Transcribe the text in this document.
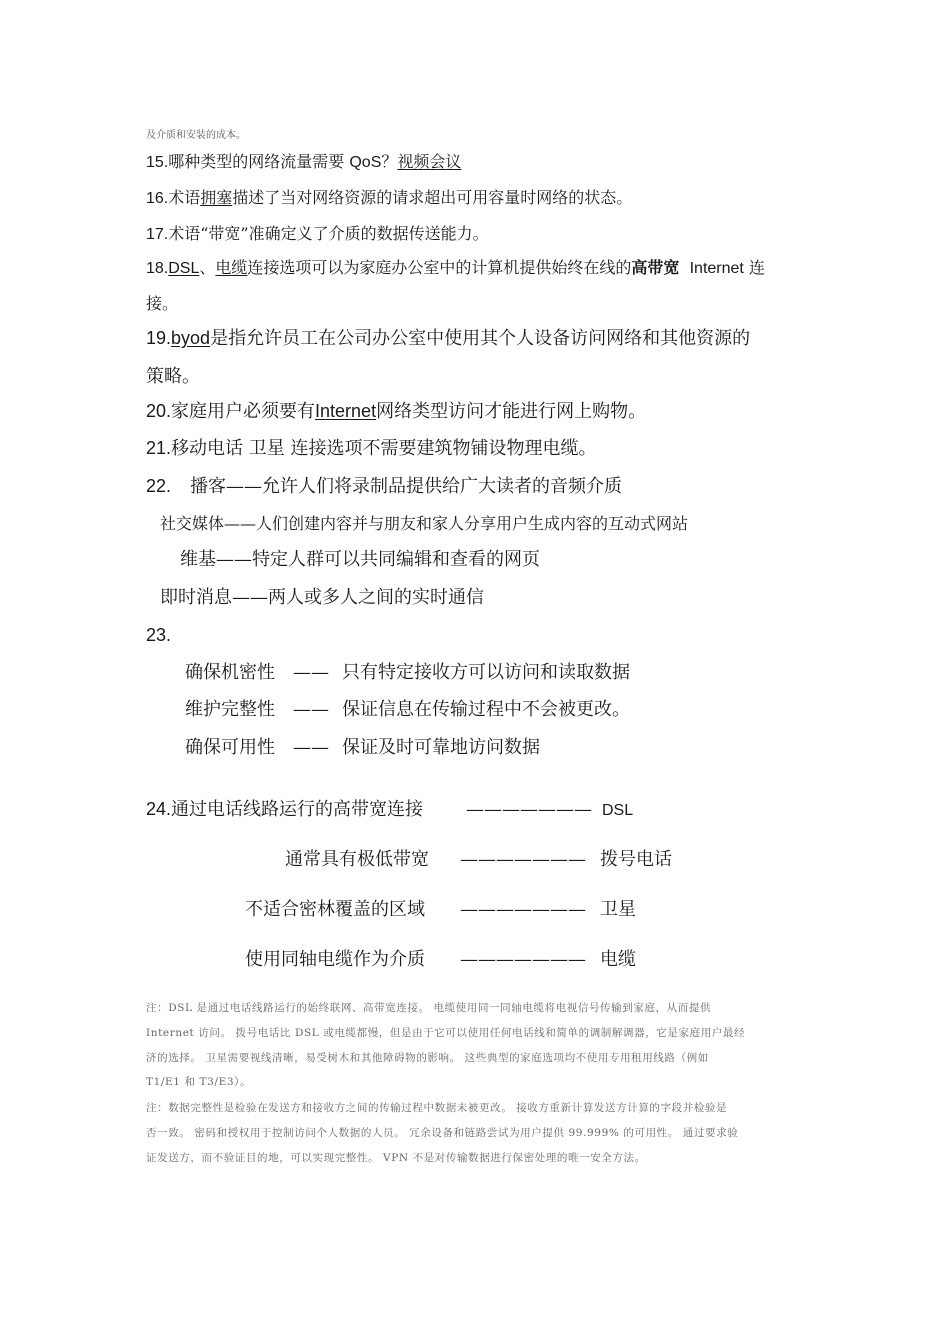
及介质和安装的成本。
15.哪种类型的网络流量需要 QoS？视频会议
16.术语拥塞描述了当对网络资源的请求超出可用容量时网络的状态。
17.术语“带宽”准确定义了介质的数据传送能力。
18.DSL、电缆连接选项可以为家庭办公室中的计算机提供始终在线的高带宽 Internet 连
接。
19.byod是指允许员工在公司办公室中使用其个人设备访问网络和其他资源的
策略。
20.家庭用户必须要有Internet网络类型访问才能进行网上购物。
21.移动电话 卫星 连接选项不需要建筑物铺设物理电缆。
22. 播客——允许人们将录制品提供给广大读者的音频介质
社交媒体——人们创建内容并与朋友和家人分享用户生成内容的互动式网站
维基——特定人群可以共同编辑和查看的网页
即时消息——两人或多人之间的实时通信
23.
确保机密性 —— 只有特定接收方可以访问和读取数据
维护完整性 —— 保证信息在传输过程中不会被更改。
确保可用性 —— 保证及时可靠地访问数据
24.通过电话线路运行的高带宽连接 ——————— DSL
通常具有极低带宽 ——————— 拨号电话
不适合密林覆盖的区域 ——————— 卫星
使用同轴电缆作为介质 ——————— 电缆
注：DSL 是通过电话线路运行的始终联网、高带宽连接。 电缆使用同一同轴电缆将电视信号传输到家庭，从而提供
Internet 访问。 拨号电话比 DSL 或电缆都慢，但是由于它可以使用任何电话线和简单的调制解调器，它是家庭用户最经
济的选择。 卫星需要视线清晰，易受树木和其他障碍物的影响。 这些典型的家庭选项均不使用专用租用线路（例如
T1/E1 和 T3/E3）。
注：数据完整性是检验在发送方和接收方之间的传输过程中数据未被更改。 接收方重新计算发送方计算的字段并检验是
否一致。 密码和授权用于控制访问个人数据的人员。 冗余设备和链路尝试为用户提供 99.999% 的可用性。 通过要求验
证发送方，而不验证目的地，可以实现完整性。 VPN 不是对传输数据进行保密处理的唯一安全方法。
